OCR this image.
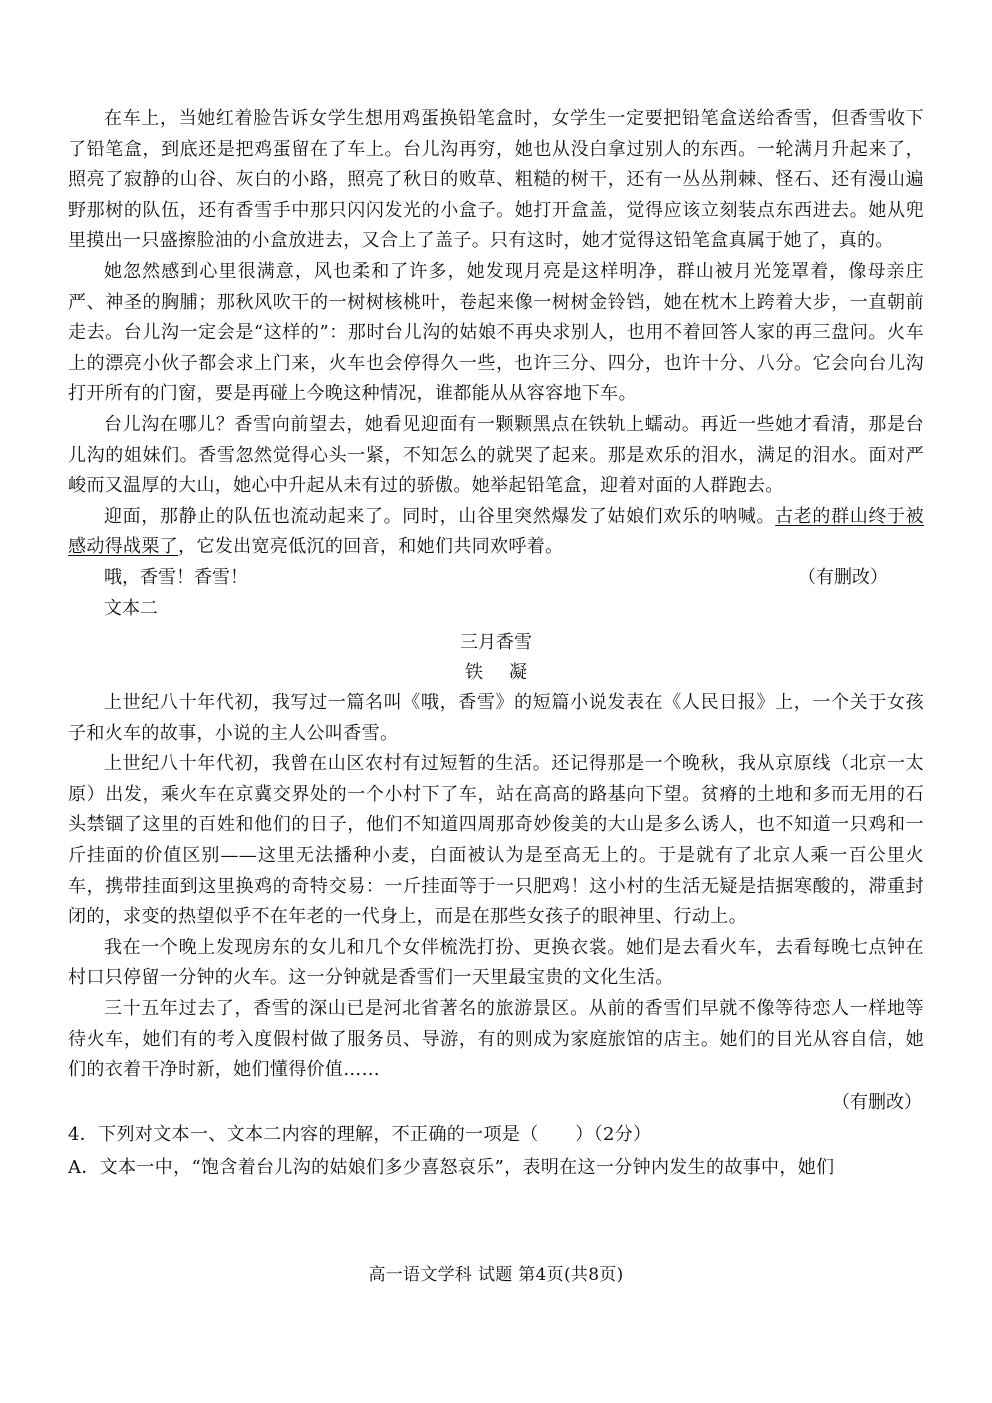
在车上，当她红着脸告诉女学生想用鸡蛋换铅笔盒时，女学生一定要把铅笔盒送给香雪，但香雪收下了铅笔盒，到底还是把鸡蛋留在了车上。台儿沟再穷，她也从没白拿过别人的东西。一轮满月升起来了，照亮了寂静的山谷、灰白的小路，照亮了秋日的败草、粗糙的树干，还有一丛丛荆棘、怪石、还有漫山遍野那树的队伍，还有香雪手中那只闪闪发光的小盒子。她打开盒盖，觉得应该立刻装点东西进去。她从兜里摸出一只盛擦脸油的小盒放进去，又合上了盖子。只有这时，她才觉得这铅笔盒真属于她了，真的。

她忽然感到心里很满意，风也柔和了许多，她发现月亮是这样明净，群山被月光笼罩着，像母亲庄严、神圣的胸脯；那秋风吹干的一树树核桃叶，卷起来像一树树金铃铛，她在枕木上跨着大步，一直朝前走去。台儿沟一定会是“这样的”：那时台儿沟的姑娘不再央求别人，也用不着回答人家的再三盘问。火车上的漂亮小伙子都会求上门来，火车也会停得久一些，也许三分、四分，也许十分、八分。它会向台儿沟打开所有的门窗，要是再碰上今晚这种情况，谁都能从从容容地下车。

台儿沟在哪儿？香雪向前望去，她看见迎面有一颗颗黑点在铁轨上蠕动。再近一些她才看清，那是台儿沟的姐妹们。香雪忽然觉得心头一紧，不知怎么的就哭了起来。那是欢乐的泪水，满足的泪水。面对严峻而又温厚的大山，她心中升起从未有过的骄傲。她举起铅笔盒，迎着对面的人群跑去。

迎面，那静止的队伍也流动起来了。同时，山谷里突然爆发了姑娘们欢乐的呐喊。古老的群山终于被感动得战栗了，它发出宽亮低沉的回音，和她们共同欢呼着。

哦，香雪！香雪！	（有删改）
文本二
三月香雪
铁凝

上世纪八十年代初，我写过一篇名叫《哦，香雪》的短篇小说发表在《人民日报》上，一个关于女孩子和火车的故事，小说的主人公叫香雪。

上世纪八十年代初，我曾在山区农村有过短暂的生活。还记得那是一个晚秋，我从京原线（北京一太原）出发，乘火车在京冀交界处的一个小村下了车，站在高高的路基向下望。贫瘠的土地和多而无用的石头禁锢了这里的百姓和他们的日子，他们不知道四周那奇妙俊美的大山是多么诱人，也不知道一只鸡和一斤挂面的价值区别——这里无法播种小麦，白面被认为是至高无上的。于是就有了北京人乘一百公里火车，携带挂面到这里换鸡的奇特交易：一斤挂面等于一只肥鸡！这小村的生活无疑是拮据寒酸的，滞重封闭的，求变的热望似乎不在年老的一代身上，而是在那些女孩子的眼神里、行动上。

我在一个晚上发现房东的女儿和几个女伴梳洗打扮、更换衣裳。她们是去看火车，去看每晚七点钟在村口只停留一分钟的火车。这一分钟就是香雪们一天里最宝贵的文化生活。

三十五年过去了，香雪的深山已是河北省著名的旅游景区。从前的香雪们早就不像等待恋人一样地等待火车，她们有的考入度假村做了服务员、导游，有的则成为家庭旅馆的店主。她们的目光从容自信，她们的衣着干净时新，她们懂得价值……

（有删改）

4．下列对文本一、文本二内容的理解，不正确的一项是（　　）（2分）

A．文本一中，“饱含着台儿沟的姑娘们多少喜怒哀乐”，表明在这一分钟内发生的故事中，她们

高一语文学科 试题 第4页(共8页)
